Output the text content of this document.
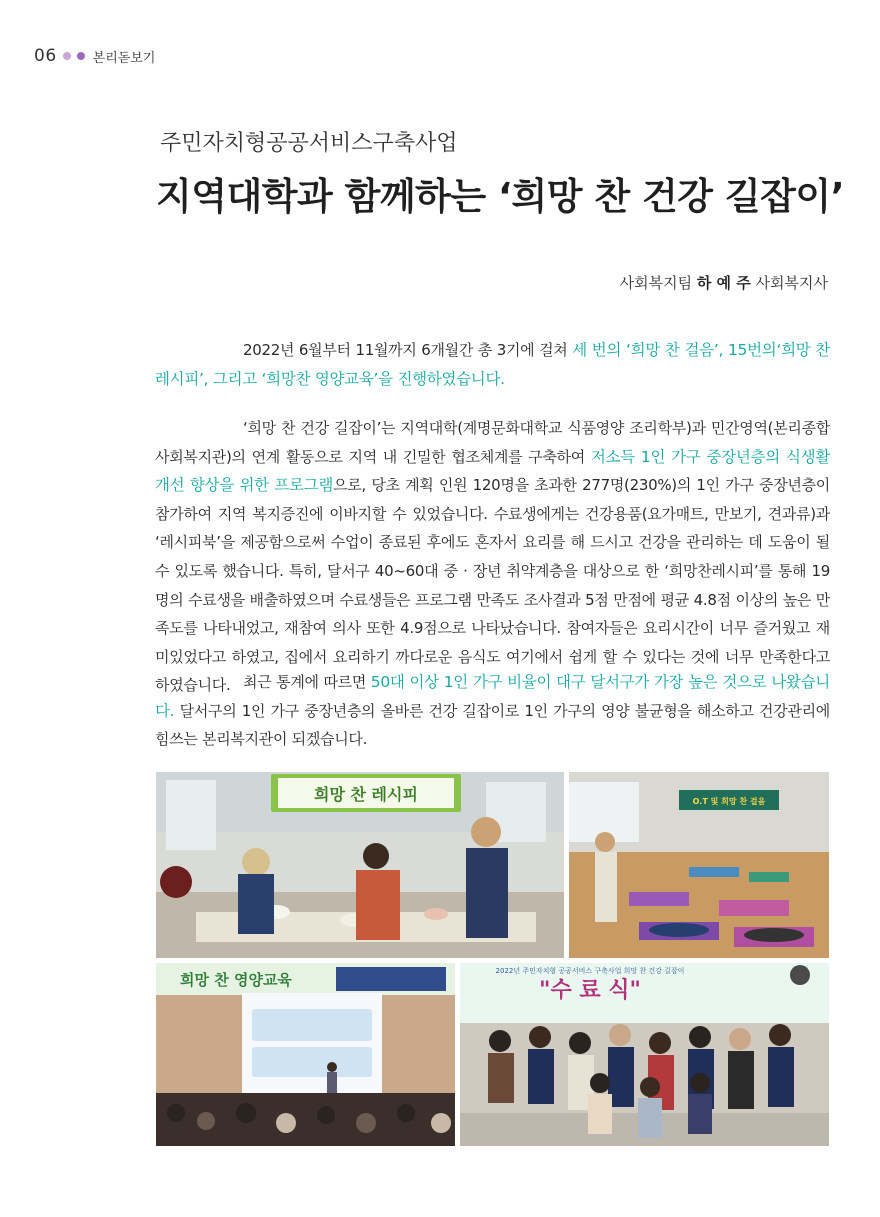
06	본리돋보기
주민자치형공공서비스구축사업
지역대학과 함께하는 ‘희망 찬 건강 길잡이’
사회복지팀 하 예 주 사회복지사
2022년 6월부터 11월까지 6개월간 총 3기에 걸쳐 세 번의 ‘희망 찬 걸음’, 15번의‘희망 찬 레시피’, 그리고 ‘희망찬 영양교육’을 진행하였습니다.
‘희망 찬 건강 길잡이’는 지역대학(계명문화대학교 식품영양 조리학부)과 민간영역(본리종합사회복지관)의 연계 활동으로 지역 내 긴밀한 협조체계를 구축하여 저소득 1인 가구 중장년층의 식생활 개선 향상을 위한 프로그램으로, 당초 계획 인원 120명을 초과한 277명(230%)의 1인 가구 중장년층이 참가하여 지역 복지증진에 이바지할 수 있었습니다. 수료생에게는 건강용품(요가매트, 만보기, 견과류)과 ‘레시피북’을 제공함으로써 수업이 종료된 후에도 혼자서 요리를 해 드시고 건강을 관리하는 데 도움이 될 수 있도록 했습니다. 특히, 달서구 40~60대 중 · 장년 취약계층을 대상으로 한 ‘희망찬레시피’를 통해 19명의 수료생을 배출하였으며 수료생들은 프로그램 만족도 조사결과 5점 만점에 평균 4.8점 이상의 높은 만족도를 나타내었고, 재참여 의사 또한 4.9점으로 나타났습니다. 참여자들은 요리시간이 너무 즐거웠고 재미있었다고 하였고, 집에서 요리하기 까다로운 음식도 여기에서 쉽게 할 수 있다는 것에 너무 만족한다고 하였습니다. 최근 통계에 따르면 50대 이상 1인 가구 비율이 대구 달서구가 가장 높은 것으로 나왔습니다. 달서구의 1인 가구 중장년층의 올바른 건강 길잡이로 1인 가구의 영양 불균형을 해소하고 건강관리에 힘쓰는 본리복지관이 되겠습니다.
희망 찬 레시피	O.T 및 희망 찬 걸음
희망 찬 영양교육	2022년 주민자치형 공공서비스 구축사업 희망 찬 건강 길잡이
"수 료 식"
